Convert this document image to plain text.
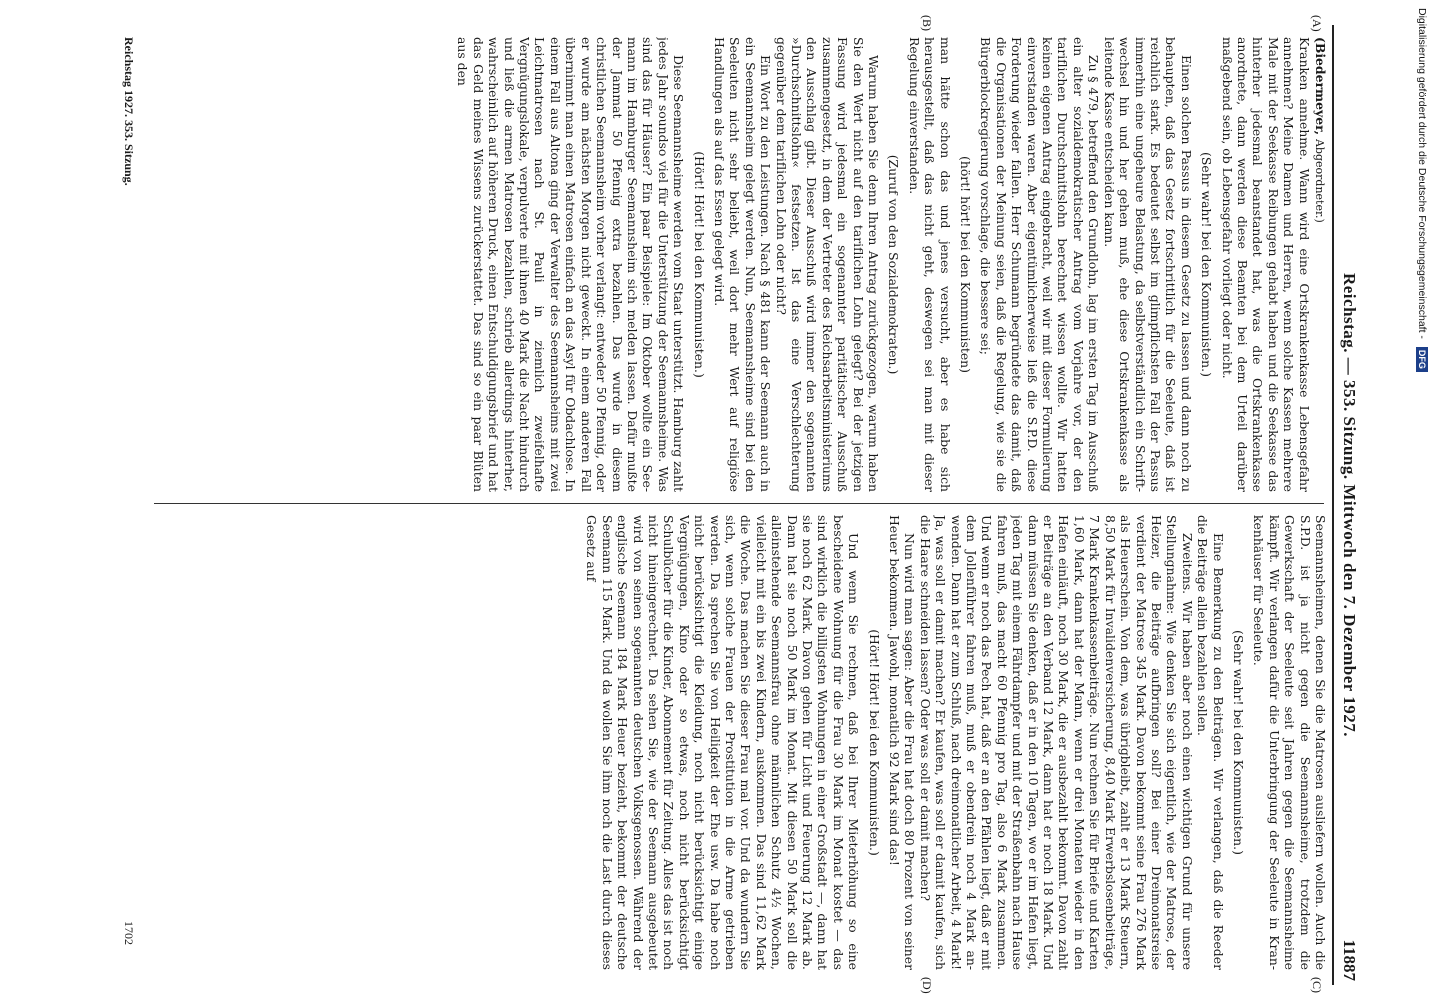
Reichstag. — 353. Sitzung. Mittwoch den 7. Dezember 1927.
11887
(A)
(B)
(C)
(D)

(Biedermeyer, Abgeordneter.)

Kranken annehme. Wann wird eine Ortskrankenkasse Lebensgefahr annehmen? Meine Damen und Herren, wenn solche Kassen mehrere Male mit der Seekasse Reibungen gehabt haben und die Seekasse das hinterher jedesmal beanstandet hat, was die Ortskrankenkasse anordnete, dann werden diese Beamten bei dem Urteil darüber maßgebend sein, ob Lebensgefahr vorliegt oder nicht.

(Sehr wahr! bei den Kommunisten.)

Einen solchen Passus in diesem Gesetz zu lassen und dann noch zu behaupten, daß das Gesetz fortschrittlich für die Seeleute, daß ist reichlich stark. Es bedeutet selbst im glimpflichsten Fall der Passus immerhin eine ungeheure Belastung, da selbstverständlich ein Schriftwechsel hin und her gehen muß, ehe diese Ortskrankenkasse als leitende Kasse entscheiden kann.

Zu § 479, betreffend den Grundlohn, lag im ersten Tag im Ausschuß ein alter sozialdemokratischer Antrag vom Vorjahre vor, der den tariflichen Durchschnittslohn berechnet wissen wollte. Wir hatten keinen eigenen Antrag eingebracht, weil wir mit dieser Formulierung einverstanden waren. Aber eigentümlicherweise ließ die S.P.D. diese Forderung wieder fallen. Herr Schumann begründete das damit, daß die Organisationen der Meinung seien, daß die Regelung, wie sie die Bürgerblockregierung vorschlage, die bessere sei;

(hört! hört! bei den Kommunisten)

man hätte schon das und jenes versucht, aber es habe sich herausgestellt, daß das nicht geht, deswegen sei man mit dieser Regelung einverstanden.

(Zuruf von den Sozialdemokraten.)

Warum haben Sie denn Ihren Antrag zurückgezogen, warum haben Sie den Wert nicht auf den tariflichen Lohn gelegt? Bei der jetzigen Fassung wird jedesmal ein sogenannter paritätischer Ausschuß zusammengesetzt, in dem der Vertreter des Reichsarbeitsministeriums den Ausschlag gibt. Dieser Ausschuß wird immer den sogenannten »Durchschnittslohn« festsetzen. Ist das eine Verschlechterung gegenüber dem tariflichen Lohn oder nicht?

Ein Wort zu den Leistungen. Nach § 481 kann der Seemann auch in ein Seemannsheim gelegt werden. Nun, Seemannsheime sind bei den Seeleuten nicht sehr beliebt, weil dort mehr Wert auf religiöse Handlungen als auf das Essen gelegt wird.

(Hört! Hört! bei den Kommunisten.)

Diese Seemannsheime werden vom Staat unterstützt. Hamburg zahlt jedes Jahr soundso viel für die Unterstützung der Seemannsheime. Was sind das für Häuser? Ein paar Beispiele: Im Oktober wollte ein Seemann im Hamburger Seemannsheim sich melden lassen. Dafür mußte der Jammat 50 Pfennig extra bezahlen. Das wurde in diesem christlichen Seemannsheim vorher verlangt: entweder 50 Pfennig, oder er wurde am nächsten Morgen nicht geweckt. In einem anderen Fall übernimmt man einen Matrosen einfach an das Asyl für Obdachlose. In einem Fall aus Altona ging der Verwalter des Seemannsheims mit zwei Leichtmatrosen nach St. Pauli in ziemlich zweifelhafte Vergnügungslokale, verpulverte mit ihnen 40 Mark die Nacht hindurch und ließ die armen Matrosen bezahlen, schrieb allerdings hinterher, wahrscheinlich auf höheren Druck, einen Entschuldigungsbrief und hat das Geld meines Wissens zurückerstattet. Das sind so ein paar Blüten aus den

Seemannsheimen, denen Sie die Matrosen ausliefern wollen. Auch die S.P.D. ist ja nicht gegen die Seemannsheime, trotzdem die Gewerkschaft der Seeleute seit Jahren gegen die Seemannsheime kämpft. Wir verlangen dafür die Unterbringung der Seeleute in Krankenhäuser für Seeleute.

(Sehr wahr! bei den Kommunisten.)

Eine Bemerkung zu den Beiträgen. Wir verlangen, daß die Reeder die Beiträge allein bezahlen sollen.

Zweitens. Wir haben aber noch einen wichtigen Grund für unsere Stellungnahme: Wie denken Sie sich eigentlich, wie der Matrose, der Heizer, die Beiträge aufbringen soll? Bei einer Dreimonatsreise verdient der Matrose 345 Mark. Davon bekommt seine Frau 276 Mark als Heuerschein. Von dem, was übrigbleibt, zahlt er 13 Mark Steuern, 8,50 Mark für Invalidenversicherung, 8,40 Mark Erwerbslosenbeiträge, 7 Mark Krankenkassenbeiträge. Nun rechnen Sie für Briefe und Karten 1,60 Mark, dann hat der Mann, wenn er drei Monaten wieder in den Hafen einläuft, noch 30 Mark, die er ausbezahlt bekommt. Davon zahlt er Beiträge an den Verband 12 Mark, dann hat er noch 18 Mark. Und dann müssen Sie denken, daß er in den 10 Tagen, wo er im Hafen liegt, jeden Tag mit einem Fährdampfer und mit der Straßenbahn nach Hause fahren muß, das macht 60 Pfennig pro Tag, also 6 Mark zusammen. Und wenn er noch das Pech hat, daß er an den Pfählen liegt, daß er mit dem Jollenführer fahren muß, muß er obendrein noch 4 Mark anwenden. Dann hat er zum Schluß, nach dreimonatlicher Arbeit, 4 Mark! Ja, was soll er damit machen? Er kaufen, was soll er damit kaufen, sich die Haare schneiden lassen? Oder was soll er damit machen?

Nun wird man sagen: Aber die Frau hat doch 80 Prozent von seiner Heuer bekommen. Jawohl, monatlich 92 Mark sind das!

(Hört! Hört! bei den Kommunisten.)

Und wenn Sie rechnen, daß bei Ihrer Mieterhöhung so eine bescheidene Wohnung für die Frau 30 Mark im Monat kostet — das sind wirklich die billigsten Wohnungen in einer Großstadt —, dann hat sie noch 62 Mark. Davon gehen für Licht und Feuerung 12 Mark ab. Dann hat sie noch 50 Mark im Monat. Mit diesen 50 Mark soll die alleinstehende Seemannsfrau ohne männlichen Schutz 4½ Wochen, vielleicht mit ein bis zwei Kindern, auskommen. Das sind 11,62 Mark die Woche. Das machen Sie dieser Frau mal vor. Und da wundern Sie sich, wenn solche Frauen der Prostitution in die Arme getrieben werden. Da sprechen Sie von Heiligkeit der Ehe usw. Da habe noch nicht berücksichtigt die Kleidung, noch nicht berücksichtigt einige Vergnügungen, Kino oder so etwas, noch nicht berücksichtigt Schulbücher für die Kinder, Abonnement für Zeitung. Alles das ist noch nicht hineingerechnet. Da sehen Sie, wie der Seemann ausgebeutet wird von seinen sogenannten deutschen Volksgenossen. Während der englische Seemann 184 Mark Heuer bezieht, bekommt der deutsche Seemann 115 Mark. Und da wollen Sie ihm noch die Last durch dieses Gesetz auf

Reichstag 1927. 353. Sitzung.
1702
Digitalisierung gefördert durch die Deutsche Forschungsgemeinschaft - DFG
